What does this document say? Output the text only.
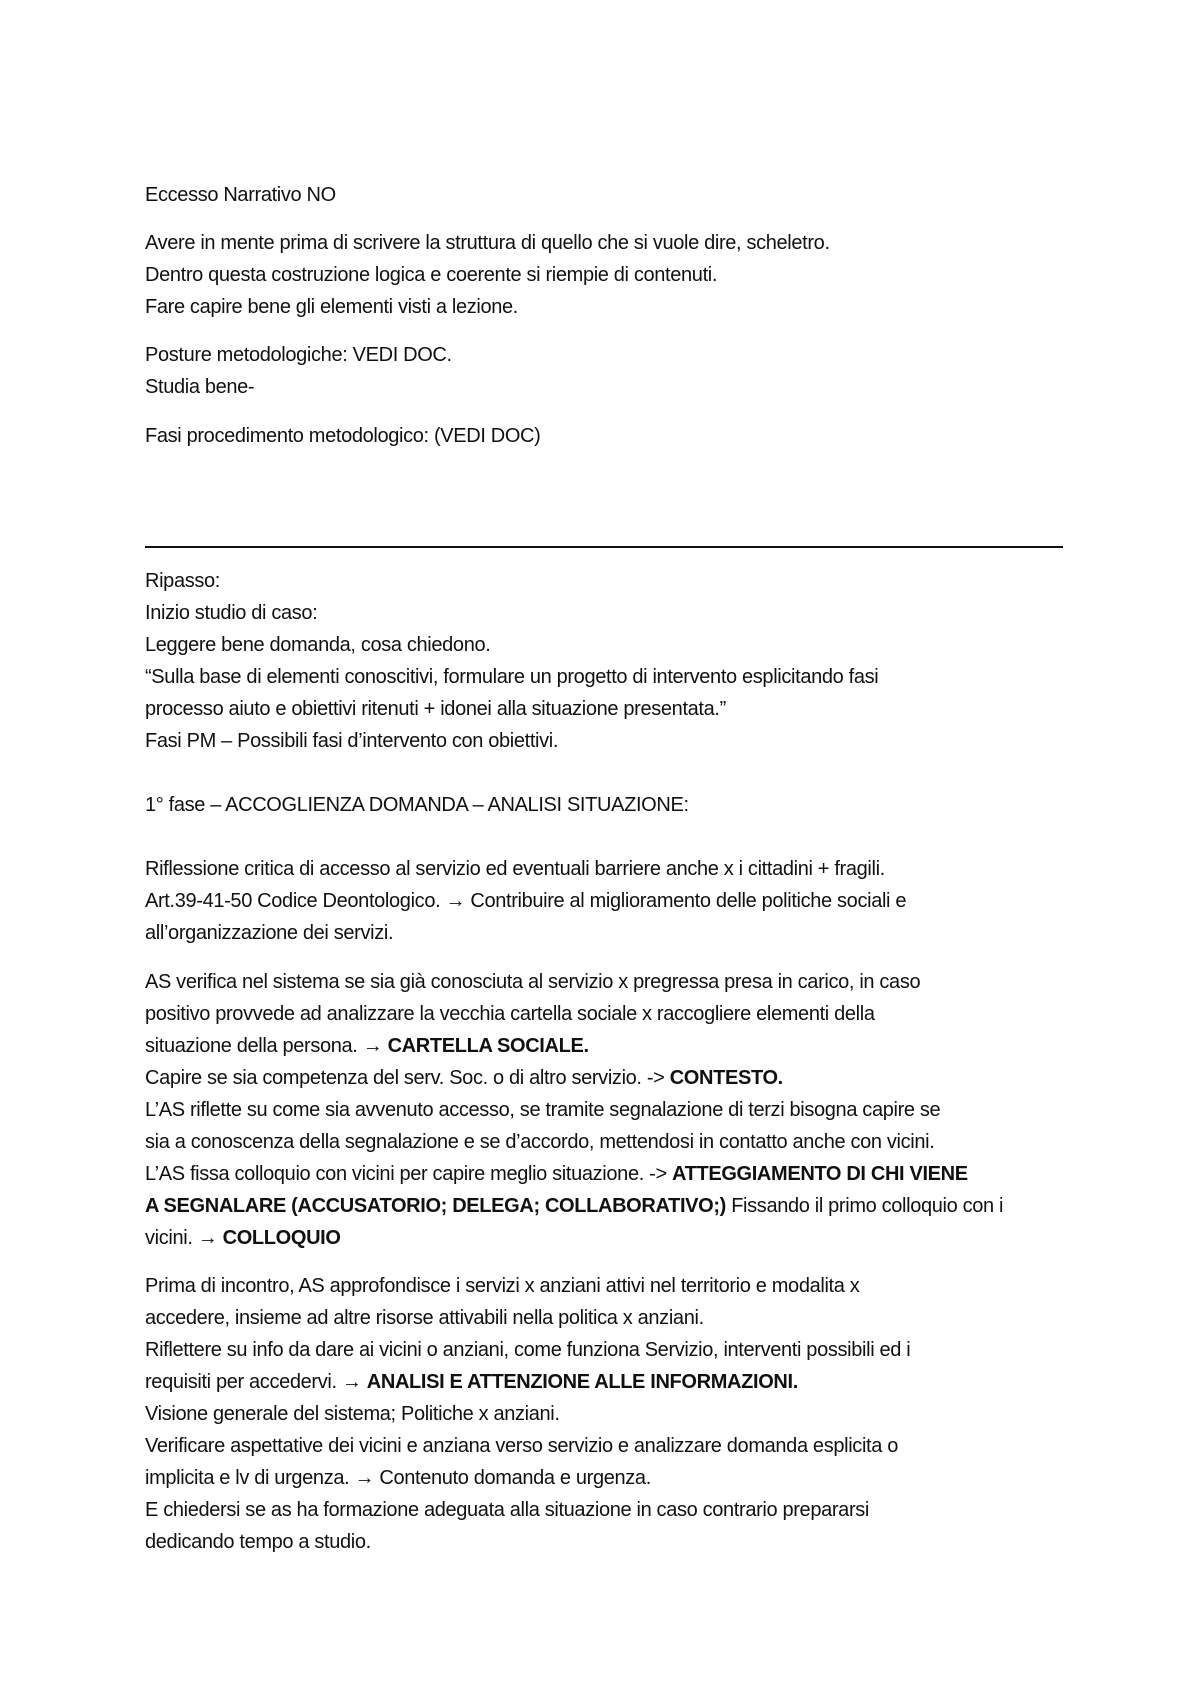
Eccesso Narrativo NO
Avere in mente prima di scrivere la struttura di quello che si vuole dire, scheletro.
Dentro questa costruzione logica e coerente si riempie di contenuti.
Fare capire bene gli elementi visti a lezione.
Posture metodologiche: VEDI DOC.
Studia bene-
Fasi procedimento metodologico: (VEDI DOC)
Ripasso:
Inizio studio di caso:
Leggere bene domanda, cosa chiedono.
“Sulla base di elementi conoscitivi, formulare un progetto di intervento esplicitando fasi
processo aiuto e obiettivi ritenuti + idonei alla situazione presentata.”
Fasi PM – Possibili fasi d’intervento con obiettivi.
1° fase – ACCOGLIENZA DOMANDA – ANALISI SITUAZIONE:
Riflessione critica di accesso al servizio ed eventuali barriere anche x i cittadini + fragili.
Art.39-41-50 Codice Deontologico. → Contribuire al miglioramento delle politiche sociali e
all’organizzazione dei servizi.
AS verifica nel sistema se sia già conosciuta al servizio x pregressa presa in carico, in caso
positivo provvede ad analizzare la vecchia cartella sociale x raccogliere elementi della
situazione della persona. → CARTELLA SOCIALE.
Capire se sia competenza del serv. Soc. o di altro servizio. -> CONTESTO.
L’AS riflette su come sia avvenuto accesso, se tramite segnalazione di terzi bisogna capire se
sia a conoscenza della segnalazione e se d’accordo, mettendosi in contatto anche con vicini.
L’AS fissa colloquio con vicini per capire meglio situazione. -> ATTEGGIAMENTO DI CHI VIENE
A SEGNALARE (ACCUSATORIO; DELEGA; COLLABORATIVO;) Fissando il primo colloquio con i
vicini. → COLLOQUIO
Prima di incontro, AS approfondisce i servizi x anziani attivi nel territorio e modalita x
accedere, insieme ad altre risorse attivabili nella politica x anziani.
Riflettere su info da dare ai vicini o anziani, come funziona Servizio, interventi possibili ed i
requisiti per accedervi. → ANALISI E ATTENZIONE ALLE INFORMAZIONI.
Visione generale del sistema; Politiche x anziani.
Verificare aspettative dei vicini e anziana verso servizio e analizzare domanda esplicita o
implicita e lv di urgenza. → Contenuto domanda e urgenza.
E chiedersi se as ha formazione adeguata alla situazione in caso contrario prepararsi
dedicando tempo a studio.
